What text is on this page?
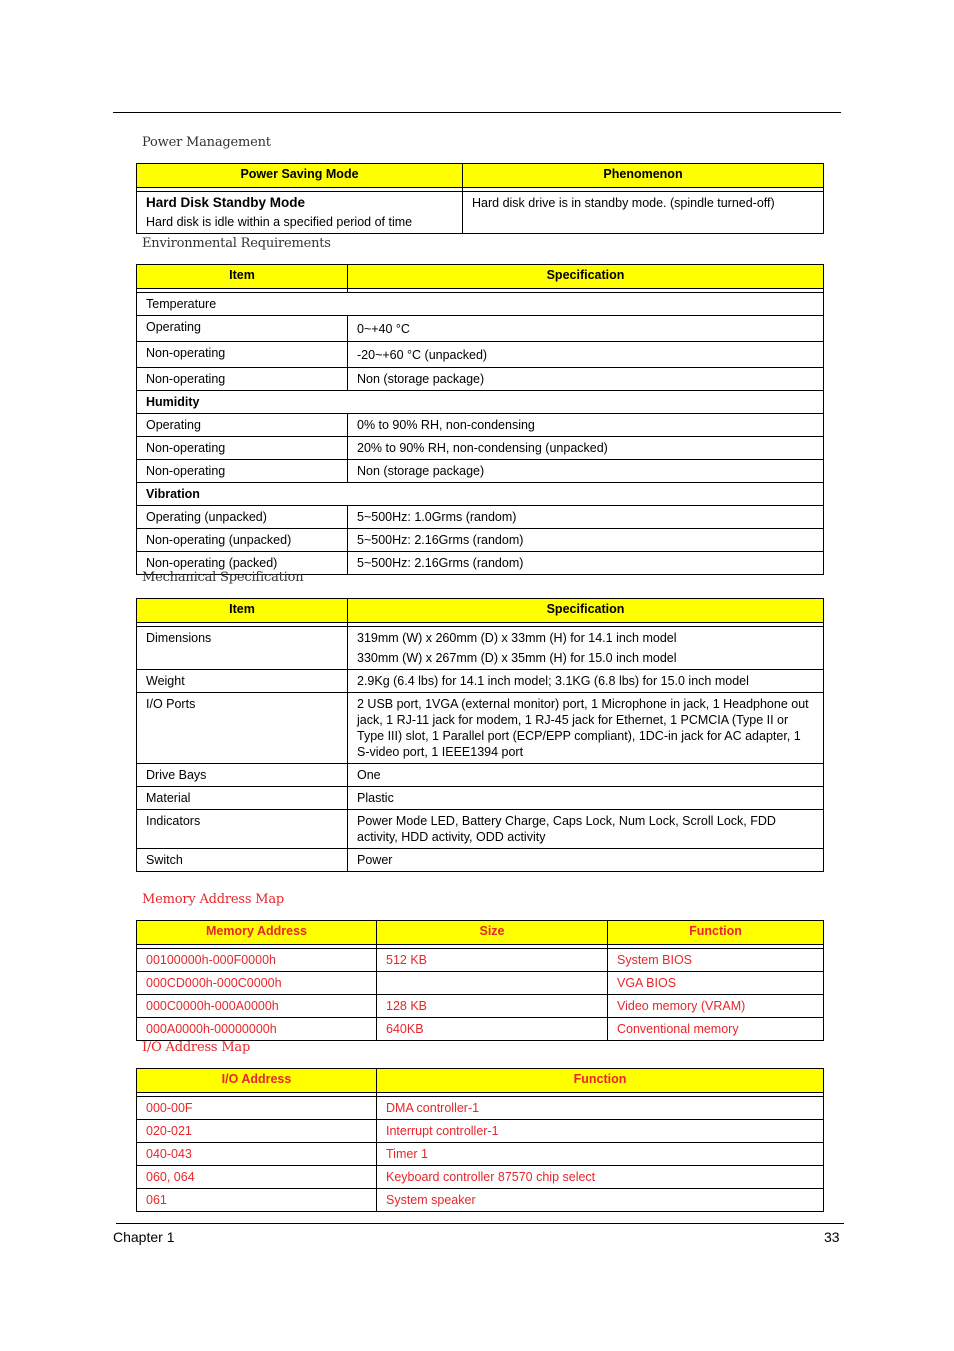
Power Management
Power Saving Mode	Phenomenon

Hard Disk Standby Mode
Hard disk is idle within a specified period of time	Hard disk drive is in standby mode. (spindle turned-off)
Environmental Requirements
Item	Specification

Temperature	
Operating	0~+40 °C
Non-operating	-20~+60 °C (unpacked)
Non-operating	Non (storage package)
Humidity	
Operating	0% to 90% RH, non-condensing
Non-operating	20% to 90% RH, non-condensing (unpacked)
Non-operating	Non (storage package)
Vibration	
Operating (unpacked)	5~500Hz: 1.0Grms (random)
Non-operating (unpacked)	5~500Hz: 2.16Grms (random)
Non-operating (packed)	5~500Hz: 2.16Grms (random)
Mechanical Specification
Item	Specification

Dimensions	319mm (W) x 260mm (D) x 33mm (H) for 14.1 inch model
330mm (W) x 267mm (D) x 35mm (H) for 15.0 inch model

Weight	2.9Kg (6.4 lbs) for 14.1 inch model; 3.1KG (6.8 lbs) for 15.0 inch model
I/O Ports	2 USB port, 1VGA (external monitor) port, 1 Microphone in jack, 1 Headphone out jack, 1 RJ-11 jack for modem, 1 RJ-45 jack for Ethernet, 1 PCMCIA (Type II or Type III) slot, 1 Parallel port (ECP/EPP compliant), 1DC-in jack for AC adapter, 1 S-video port, 1 IEEE1394 port
Drive Bays	One
Material	Plastic
Indicators	Power Mode LED, Battery Charge, Caps Lock, Num Lock, Scroll Lock, FDD activity, HDD activity, ODD activity
Switch	Power
Memory Address Map
Memory Address	Size	Function

00100000h-000F0000h	512 KB	System BIOS
000CD000h-000C0000h		VGA BIOS
000C0000h-000A0000h	128 KB	Video memory (VRAM)
000A0000h-00000000h	640KB	Conventional memory
I/O Address Map
I/O Address	Function

000-00F	DMA controller-1
020-021	Interrupt controller-1
040-043	Timer 1
060, 064	Keyboard controller 87570 chip select
061	System speaker
Chapter 1	33
